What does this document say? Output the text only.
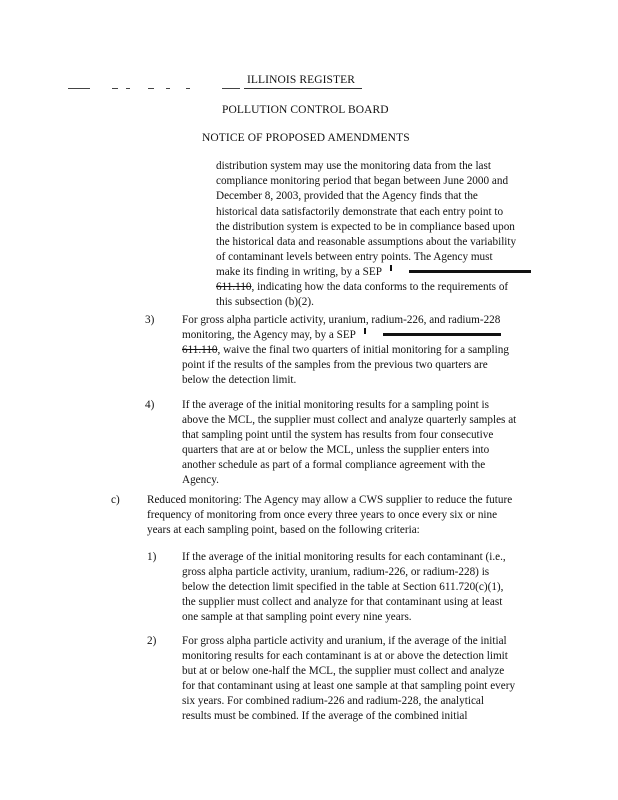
ILLINOIS REGISTER
POLLUTION CONTROL BOARD
NOTICE OF PROPOSED AMENDMENTS
distribution system may use the monitoring data from the last
compliance monitoring period that began between June 2000 and
December 8, 2003, provided that the Agency finds that the
historical data satisfactorily demonstrate that each entry point to
the distribution system is expected to be in compliance based upon
the historical data and reasonable assumptions about the variability
of contaminant levels between entry points. The Agency must
make its finding in writing, by a SEP
611.110, indicating how the data conforms to the requirements of
this subsection (b)(2).
3) For gross alpha particle activity, uranium, radium-226, and radium-228
monitoring, the Agency may, by a SEP
611.110, waive the final two quarters of initial monitoring for a sampling
point if the results of the samples from the previous two quarters are
below the detection limit.
4) If the average of the initial monitoring results for a sampling point is
above the MCL, the supplier must collect and analyze quarterly samples at
that sampling point until the system has results from four consecutive
quarters that are at or below the MCL, unless the supplier enters into
another schedule as part of a formal compliance agreement with the
Agency.
c) Reduced monitoring: The Agency may allow a CWS supplier to reduce the future
frequency of monitoring from once every three years to once every six or nine
years at each sampling point, based on the following criteria:
1) If the average of the initial monitoring results for each contaminant (i.e.,
gross alpha particle activity, uranium, radium-226, or radium-228) is
below the detection limit specified in the table at Section 611.720(c)(1),
the supplier must collect and analyze for that contaminant using at least
one sample at that sampling point every nine years.
2) For gross alpha particle activity and uranium, if the average of the initial
monitoring results for each contaminant is at or above the detection limit
but at or below one-half the MCL, the supplier must collect and analyze
for that contaminant using at least one sample at that sampling point every
six years. For combined radium-226 and radium-228, the analytical
results must be combined. If the average of the combined initial
